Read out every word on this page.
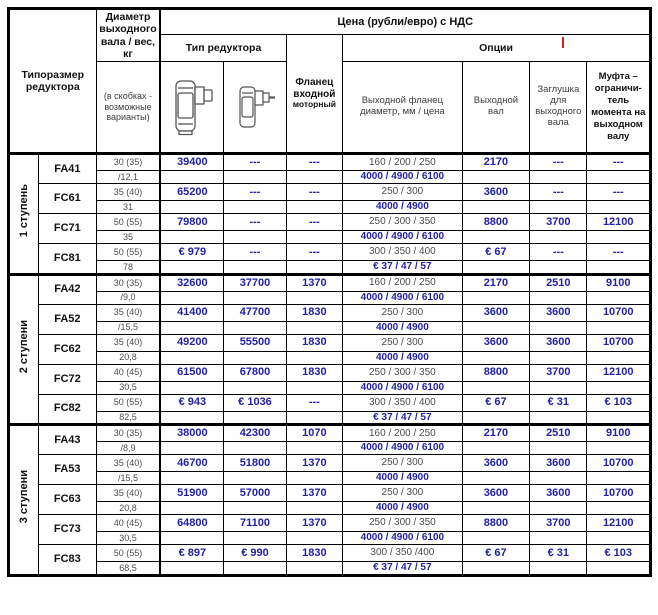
Типоразмер редуктора		Диаметр выходного вала / вес, кг	Цена (рубли/евро) с НДС						
			Тип редуктора		Фланец входной
моторный	Опции			

		(в скобках - возможные варианты)				Выходной фланец диаметр, мм / цена	Выходной вал	Заглушка для выходного вала	Муфта – ограничи-тель момента на выходном валу
1 ступень	FA41	30 (35)	39400	---	---	160 / 200 / 250	2170	---	---
		/12,1				4000 / 4900 / 6100			
	FC61	35 (40)	65200	---	---	250 / 300	3600	---	---
		31				4000 / 4900			
	FC71	50 (55)	79800	---	---	250 / 300 / 350	8800	3700	12100
		35				4000 / 4900 / 6100			
	FC81	50 (55)	€ 979	---	---	300 / 350 / 400	€ 67	---	---
		78				€ 37 / 47 / 57			
2 ступени	FA42	30 (35)	32600	37700	1370	160 / 200 / 250	2170	2510	9100
		/9,0				4000 / 4900 / 6100			
	FA52	35 (40)	41400	47700	1830	250 / 300	3600	3600	10700
		/15,5				4000 / 4900			
	FC62	35 (40)	49200	55500	1830	250 / 300	3600	3600	10700
		20,8				4000 / 4900			
	FC72	40 (45)	61500	67800	1830	250 / 300 / 350	8800	3700	12100
		30,5				4000 / 4900 / 6100			
	FC82	50 (55)	€ 943	€ 1036	---	300 / 350 / 400	€ 67	€ 31	€ 103
		82,5				€ 37 / 47 / 57			
3 ступени	FA43	30 (35)	38000	42300	1070	160 / 200 / 250	2170	2510	9100
		/8,9				4000 / 4900 / 6100			
	FA53	35 (40)	46700	51800	1370	250 / 300	3600	3600	10700
		/15,5				4000 / 4900			
	FC63	35 (40)	51900	57000	1370	250 / 300	3600	3600	10700
		20,8				4000 / 4900			
	FC73	40 (45)	64800	71100	1370	250 / 300 / 350	8800	3700	12100
		30,5				4000 / 4900 / 6100			
	FC83	50 (55)	€ 897	€ 990	1830	300 / 350 /400	€ 67	€ 31	€ 103
		68,5				€ 37 / 47 / 57			
